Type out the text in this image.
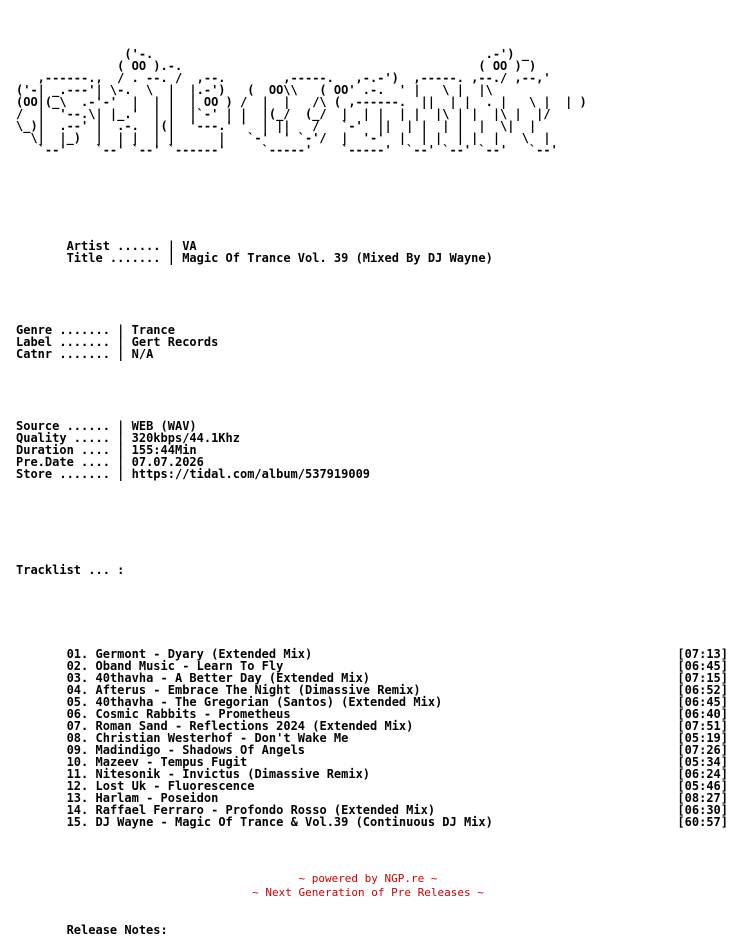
('-.                                              .-') _
( OO ).-.                                         ( OO ) )
,------.,  / . --. /  ,--.        ,-----.   ,-.-')  ,-----. ,--./ ,--,'
('-| _.---'| \-.  \  |  |.-')   (  OO\\   ( OO' .-.  ' |   \ |  |\
(OO|(_\  .-'-'  |  | |  | OO ) /  |  |   /\ ( ,------.  ||  | |  . |   \ |  | )
/  |  '--.\| |_.'  | |  |`-' | |  |(_/  (_/  |  | |  | |  |\ | |  |\ |  |/
\_)|  .--' |  .-.  |(|  '---.' '  | ||   /   `-'  ||  | |  | |  |  \|  |
\|  |_)  |  | |  | |      |   `-'  ' `-'/  |  '-'  |  | |  | |  |   \  |
`--'    `--' `--' `------'     `-----'    `-----'  `--' `--' `--'   `--'

Artist ...... | VA
Title ....... | Magic Of Trance Vol. 39 (Mixed By DJ Wayne)

Genre ....... | Trance
Label ....... | Gert Records
Catnr ....... | N/A

Source ...... | WEB (WAV)
Quality ..... | 320kbps/44.1Khz
Duration .... | 155:44Min
Pre.Date .... | 07.07.2026
Store ....... | https://tidal.com/album/537919009

Tracklist ... :

01. Germont - Dyary (Extended Mix)	[07:13]
02. Oband Music - Learn To Fly	[06:45]
03. 40thavha - A Better Day (Extended Mix)	[07:15]
04. Afterus - Embrace The Night (Dimassive Remix)	[06:52]
05. 40thavha - The Gregorian (Santos) (Extended Mix)	[06:45]
06. Cosmic Rabbits - Prometheus	[06:40]
07. Roman Sand - Reflections 2024 (Extended Mix)	[07:51]
08. Christian Westerhof - Don't Wake Me	[05:19]
09. Madindigo - Shadows Of Angels	[07:26]
10. Mazeev - Tempus Fugit	[05:34]
11. Nitesonik - Invictus (Dimassive Remix)	[06:24]
12. Lost Uk - Fluorescence	[05:46]
13. Harlam - Poseidon	[08:27]
14. Raffael Ferraro - Profondo Rosso (Extended Mix)	[06:30]
15. DJ Wayne - Magic Of Trance & Vol.39 (Continuous DJ Mix)	[60:57]

Release Notes:

~ powered by NGP.re ~
~ Next Generation of Pre Releases ~
